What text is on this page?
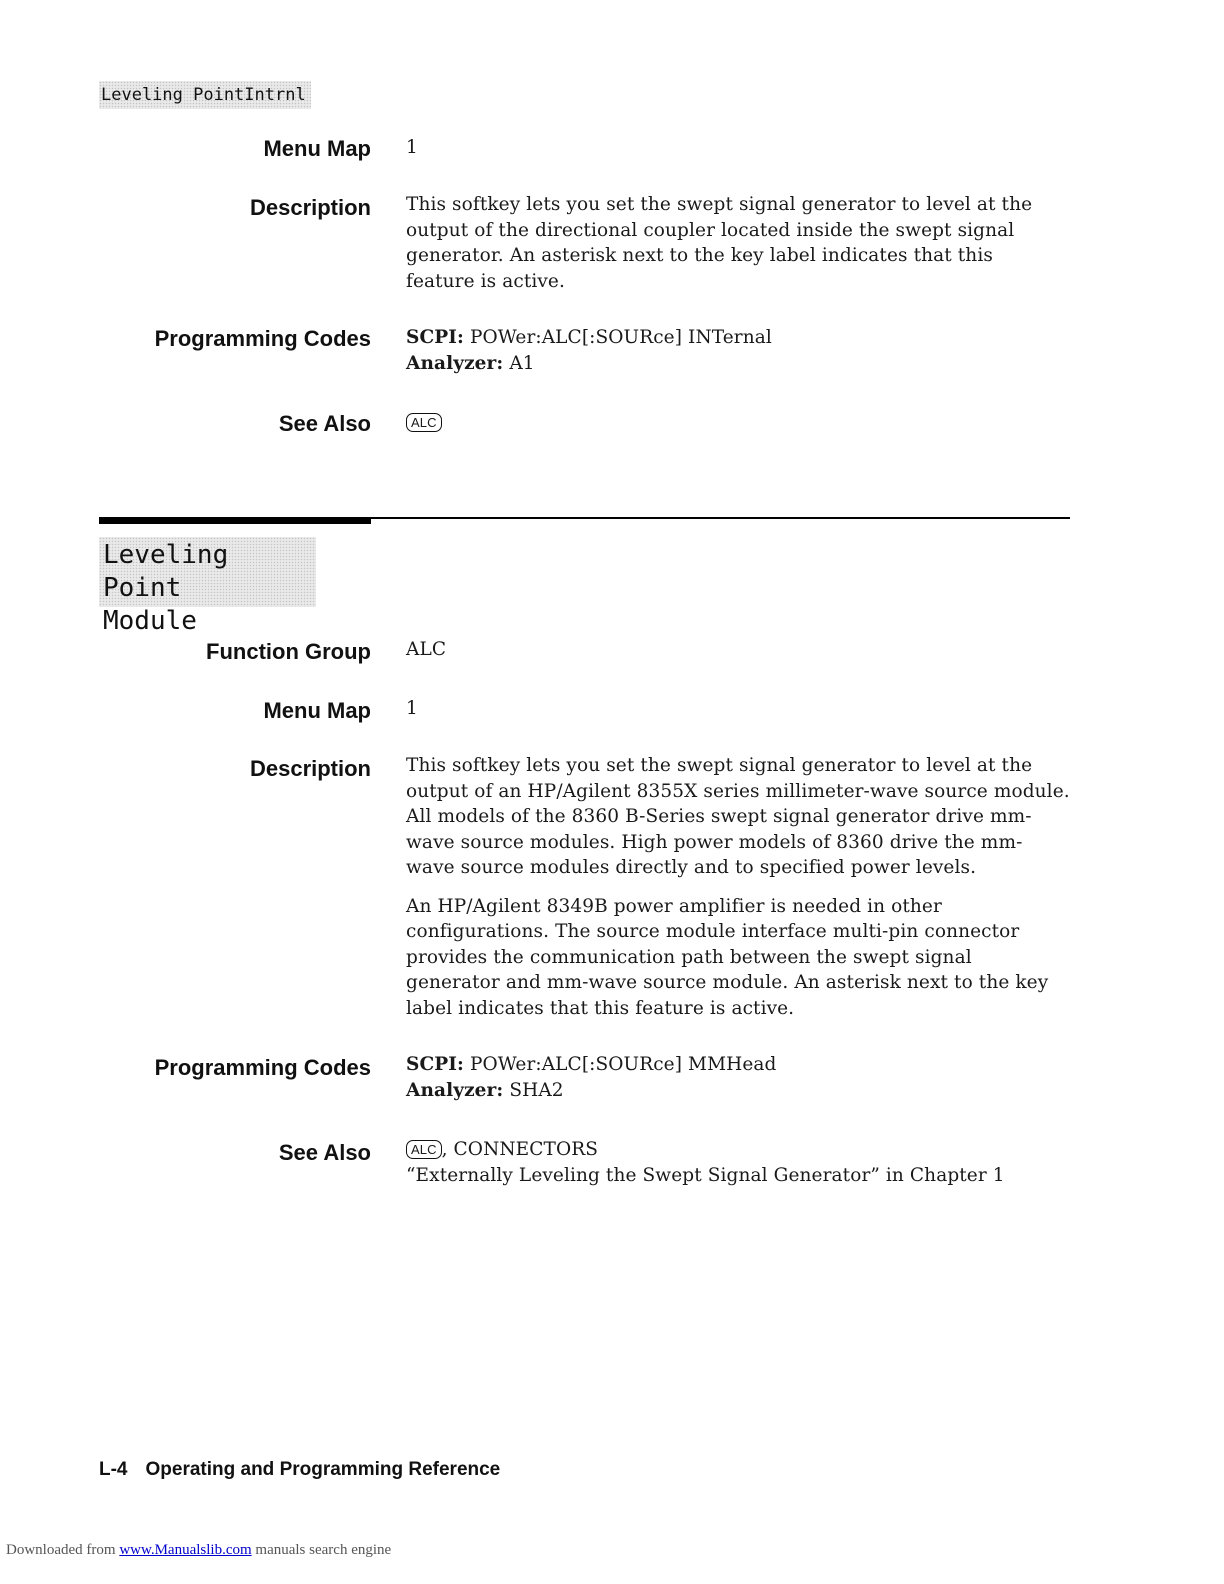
Leveling PointIntrnl
Menu Map 1
Description This softkey lets you set the swept signal generator to level at the output of the directional coupler located inside the swept signal generator. An asterisk next to the key label indicates that this feature is active.

Programming Codes SCPI: POWer:ALC[:SOURce] INTernal
Analyzer: A1
See Also	ALC
Leveling Point
Module
Function Group ALC
Menu Map 1
Description This softkey lets you set the swept signal generator to level at the output of an HP/Agilent 8355X series millimeter-wave source module. All models of the 8360 B-Series swept signal generator drive mm-wave source modules. High power models of 8360 drive the mm-wave source modules directly and to specified power levels.

An HP/Agilent 8349B power amplifier is needed in other configurations. The source module interface multi-pin connector provides the communication path between the swept signal generator and mm-wave source module. An asterisk next to the key label indicates that this feature is active.

Programming Codes SCPI: POWer:ALC[:SOURce] MMHead
Analyzer: SHA2
See Also	ALC , CONNECTORS
“Externally Leveling the Swept Signal Generator” in Chapter 1
L-4 Operating and Programming Reference
Downloaded from www.Manualslib.com manuals search engine
